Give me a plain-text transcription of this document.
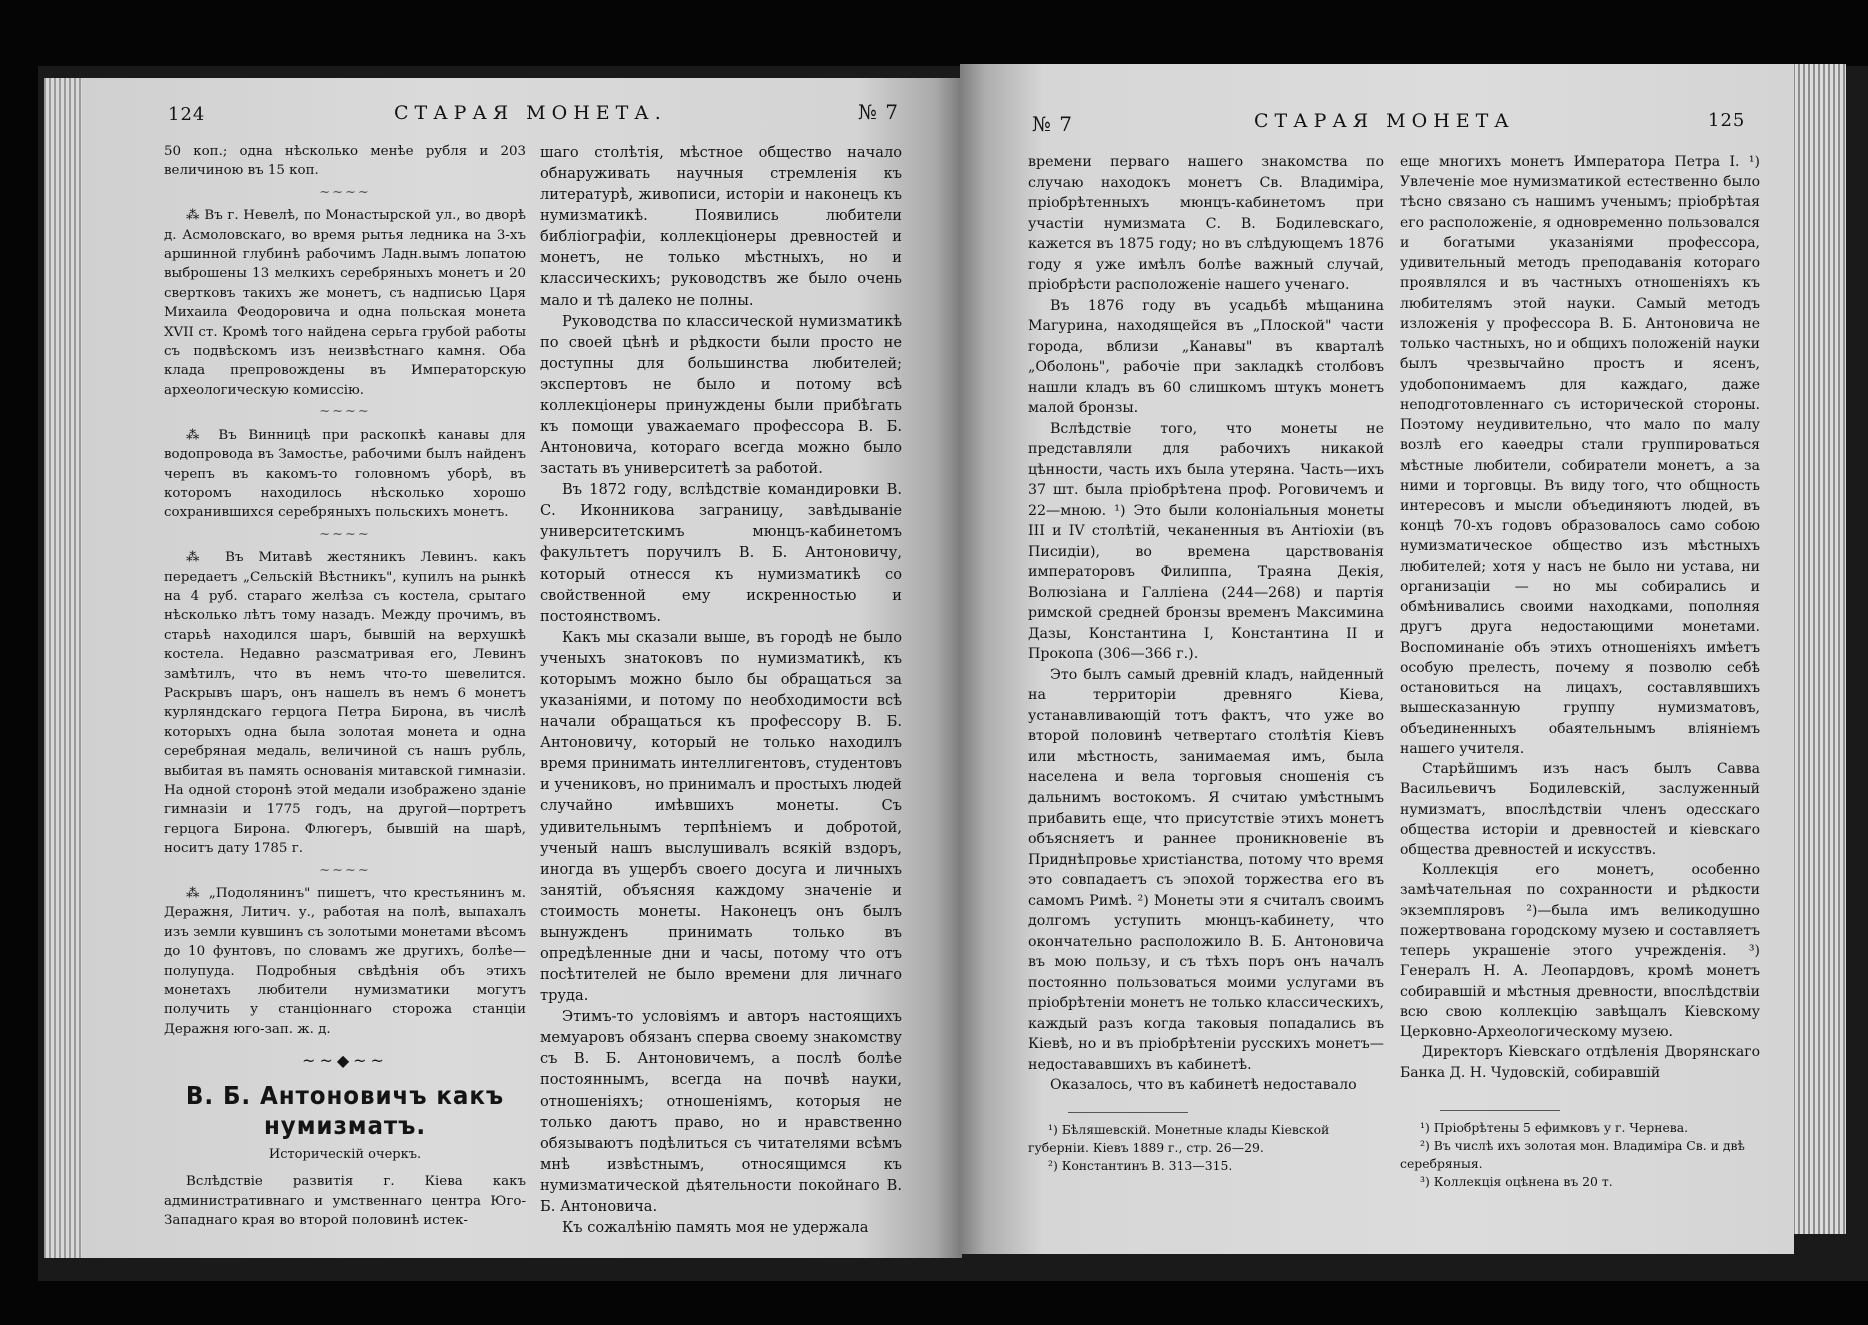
124	СТАРАЯ МОНЕТА.	№ 7

50 коп.; одна нѣсколько менѣе рубля и 203 величиною въ 15 коп.

~~~~

⁂ Въ г. Невелѣ, по Монастырской ул., во дворѣ д. Асмоловскаго, во время рытья ледника на 3-хъ аршинной глубинѣ рабочимъ Ладн.вымъ лопатою выброшены 13 мелкихъ серебряныхъ монетъ и 20 свертковъ такихъ же монетъ, съ надписью Царя Михаила Феодоровича и одна польская монета XVII ст. Кромѣ того найдена серьга грубой работы съ подвѣскомъ изъ неизвѣстнаго камня. Оба клада препровождены въ Императорскую археологическую комиссію.

~~~~

⁂ Въ Винницѣ при раскопкѣ канавы для водопровода въ Замостье, рабочими былъ найденъ черепъ въ какомъ-то головномъ уборѣ, въ которомъ находилось нѣсколько хорошо сохранившихся серебряныхъ польскихъ монетъ.

~~~~

⁂ Въ Митавѣ жестяникъ Левинъ. какъ передаетъ „Сельскій Вѣстникъ", купилъ на рынкѣ на 4 руб. стараго желѣза съ костела, срытаго нѣсколько лѣтъ тому назадъ. Между прочимъ, въ старьѣ находился шаръ, бывшій на верхушкѣ костела. Недавно разсматривая его, Левинъ замѣтилъ, что въ немъ что-то шевелится. Раскрывъ шаръ, онъ нашелъ въ немъ 6 монетъ курляндскаго герцога Петра Бирона, въ числѣ которыхъ одна была золотая монета и одна серебряная медаль, величиной съ нашъ рубль, выбитая въ память основанія митавской гимназіи. На одной сторонѣ этой медали изображено зданіе гимназіи и 1775 годъ, на другой—портретъ герцога Бирона. Флюгеръ, бывшій на шарѣ, носитъ дату 1785 г.

~~~~

⁂ „Подолянинъ" пишетъ, что крестьянинъ м. Деражня, Литич. у., работая на полѣ, выпахалъ изъ земли кувшинъ съ золотыми монетами вѣсомъ до 10 фунтовъ, по словамъ же другихъ, болѣе—полупуда. Подробныя свѣдѣнія объ этихъ монетахъ любители нумизматики могутъ получить у станціоннаго сторожа станціи Деражня юго-зап. ж. д.

~~◆~~
В. Б. Антоновичъ какъ нумизматъ.
Историческій очеркъ.

Вслѣдствіе развитія г. Кіева какъ административнаго и умственнаго центра Юго-Западнаго края во второй половинѣ истек-

шаго столѣтія, мѣстное общество начало обнаруживать научныя стремленія къ литературѣ, живописи, исторіи и наконецъ къ нумизматикѣ. Появились любители библіографіи, коллекціонеры древностей и монетъ, не только мѣстныхъ, но и классическихъ; руководствъ же было очень мало и тѣ далеко не полны.

Руководства по классической нумизматикѣ по своей цѣнѣ и рѣдкости были просто не доступны для большинства любителей; экспертовъ не было и потому всѣ коллекціонеры принуждены были прибѣгать къ помощи уважаемаго профессора В. Б. Антоновича, котораго всегда можно было застать въ университетѣ за работой.

Въ 1872 году, вслѣдствіе командировки В. С. Иконникова заграницу, завѣдываніе университетскимъ мюнцъ-кабинетомъ факультетъ поручилъ В. Б. Антоновичу, который отнесся къ нумизматикѣ со свойственной ему искренностью и постоянствомъ.

Какъ мы сказали выше, въ городѣ не было ученыхъ знатоковъ по нумизматикѣ, къ которымъ можно было бы обращаться за указаніями, и потому по необходимости всѣ начали обращаться къ профессору В. Б. Антоновичу, который не только находилъ время принимать интеллигентовъ, студентовъ и учениковъ, но принималъ и простыхъ людей случайно имѣвшихъ монеты. Съ удивительнымъ терпѣніемъ и добротой, ученый нашъ выслушивалъ всякій вздоръ, иногда въ ущербъ своего досуга и личныхъ занятій, объясняя каждому значеніе и стоимость монеты. Наконецъ онъ былъ вынужденъ принимать только въ опредѣленные дни и часы, потому что отъ посѣтителей не было времени для личнаго труда.

Этимъ-то условіямъ и авторъ настоящихъ мемуаровъ обязанъ сперва своему знакомству съ В. Б. Антоновичемъ, а послѣ болѣе постояннымъ, всегда на почвѣ науки, отношеніяхъ; отношеніямъ, которыя не только даютъ право, но и нравственно обязываютъ подѣлиться съ читателями всѣмъ мнѣ извѣстнымъ, относящимся къ нумизматической дѣятельности покойнаго В. Б. Антоновича.

Къ сожалѣнію память моя не удержала

№ 7	СТАРАЯ МОНЕТА	125

времени перваго нашего знакомства по случаю находокъ монетъ Св. Владиміра, пріобрѣтенныхъ мюнцъ-кабинетомъ при участіи нумизмата С. В. Бодилевскаго, кажется въ 1875 году; но въ слѣдующемъ 1876 году я уже имѣлъ болѣе важный случай, пріобрѣсти расположеніе нашего ученаго.

Въ 1876 году въ усадьбѣ мѣщанина Магурина, находящейся въ „Плоской" части города, вблизи „Канавы" въ кварталѣ „Оболонь", рабочіе при закладкѣ столбовъ нашли кладъ въ 60 слишкомъ штукъ монетъ малой бронзы.

Вслѣдствіе того, что монеты не представляли для рабочихъ никакой цѣнности, часть ихъ была утеряна. Часть—ихъ 37 шт. была пріобрѣтена проф. Роговичемъ и 22—мною. ¹) Это были колоніальныя монеты III и IV столѣтій, чеканенныя въ Антіохіи (въ Писидіи), во времена царствованія императоровъ Филиппа, Траяна Декія, Волюзіана и Галліена (244—268) и партія римской средней бронзы временъ Максимина Дазы, Константина I, Константина II и Прокопа (306—366 г.).

Это былъ самый древній кладъ, найденный на территоріи древняго Кіева, устанавливающій тотъ фактъ, что уже во второй половинѣ четвертаго столѣтія Кіевъ или мѣстность, занимаемая имъ, была населена и вела торговыя сношенія съ дальнимъ востокомъ. Я считаю умѣстнымъ прибавить еще, что присутствіе этихъ монетъ объясняетъ и раннее проникновеніе въ Приднѣпровье христіанства, потому что время это совпадаетъ съ эпохой торжества его въ самомъ Римѣ. ²) Монеты эти я считалъ своимъ долгомъ уступить мюнцъ-кабинету, что окончательно расположило В. Б. Антоновича въ мою пользу, и съ тѣхъ поръ онъ началъ постоянно пользоваться моими услугами въ пріобрѣтеніи монетъ не только классическихъ, каждый разъ когда таковыя попадались въ Кіевѣ, но и въ пріобрѣтеніи русскихъ монетъ—недостававшихъ въ кабинетѣ.

Оказалось, что въ кабинетѣ недоставало

¹) Бѣляшевскій. Монетные клады Кіевской губерніи. Кіевъ 1889 г., стр. 26—29.

²) Константинъ В. 313—315.

еще многихъ монетъ Императора Петра I. ¹) Увлеченіе мое нумизматикой естественно было тѣсно связано съ нашимъ ученымъ; пріобрѣтая его расположеніе, я одновременно пользовался и богатыми указаніями профессора, удивительный методъ преподаванія котораго проявлялся и въ частныхъ отношеніяхъ къ любителямъ этой науки. Самый методъ изложенія у профессора В. Б. Антоновича не только частныхъ, но и общихъ положеній науки былъ чрезвычайно простъ и ясенъ, удобопонимаемъ для каждаго, даже неподготовленнаго съ исторической стороны. Поэтому неудивительно, что мало по малу возлѣ его каѳедры стали группироваться мѣстные любители, собиратели монетъ, а за ними и торговцы. Въ виду того, что общность интересовъ и мысли объединяютъ людей, въ концѣ 70-хъ годовъ образовалось само собою нумизматическое общество изъ мѣстныхъ любителей; хотя у насъ не было ни устава, ни организаціи — но мы собирались и обмѣнивались своими находками, пополняя другъ друга недостающими монетами. Воспоминаніе объ этихъ отношеніяхъ имѣетъ особую прелесть, почему я позволю себѣ остановиться на лицахъ, составлявшихъ вышесказанную группу нумизматовъ, объединенныхъ обаятельнымъ вліяніемъ нашего учителя.

Старѣйшимъ изъ насъ былъ Савва Васильевичъ Бодилевскій, заслуженный нумизматъ, впослѣдствіи членъ одесскаго общества исторіи и древностей и кіевскаго общества древностей и искусствъ.

Коллекція его монетъ, особенно замѣчательная по сохранности и рѣдкости экземпляровъ ²)—была имъ великодушно пожертвована городскому музею и составляетъ теперь украшеніе этого учрежденія. ³) Генералъ Н. А. Леопардовъ, кромѣ монетъ собиравшій и мѣстныя древности, впослѣдствіи всю свою коллекцію завѣщалъ Кіевскому Церковно-Археологическому музею.

Директоръ Кіевскаго отдѣленія Дворянскаго Банка Д. Н. Чудовскій, собиравшій

¹) Пріобрѣтены 5 ефимковъ у г. Чернева.

²) Въ числѣ ихъ золотая мон. Владиміра Св. и двѣ серебряныя.

³) Коллекція оцѣнена въ 20 т.
